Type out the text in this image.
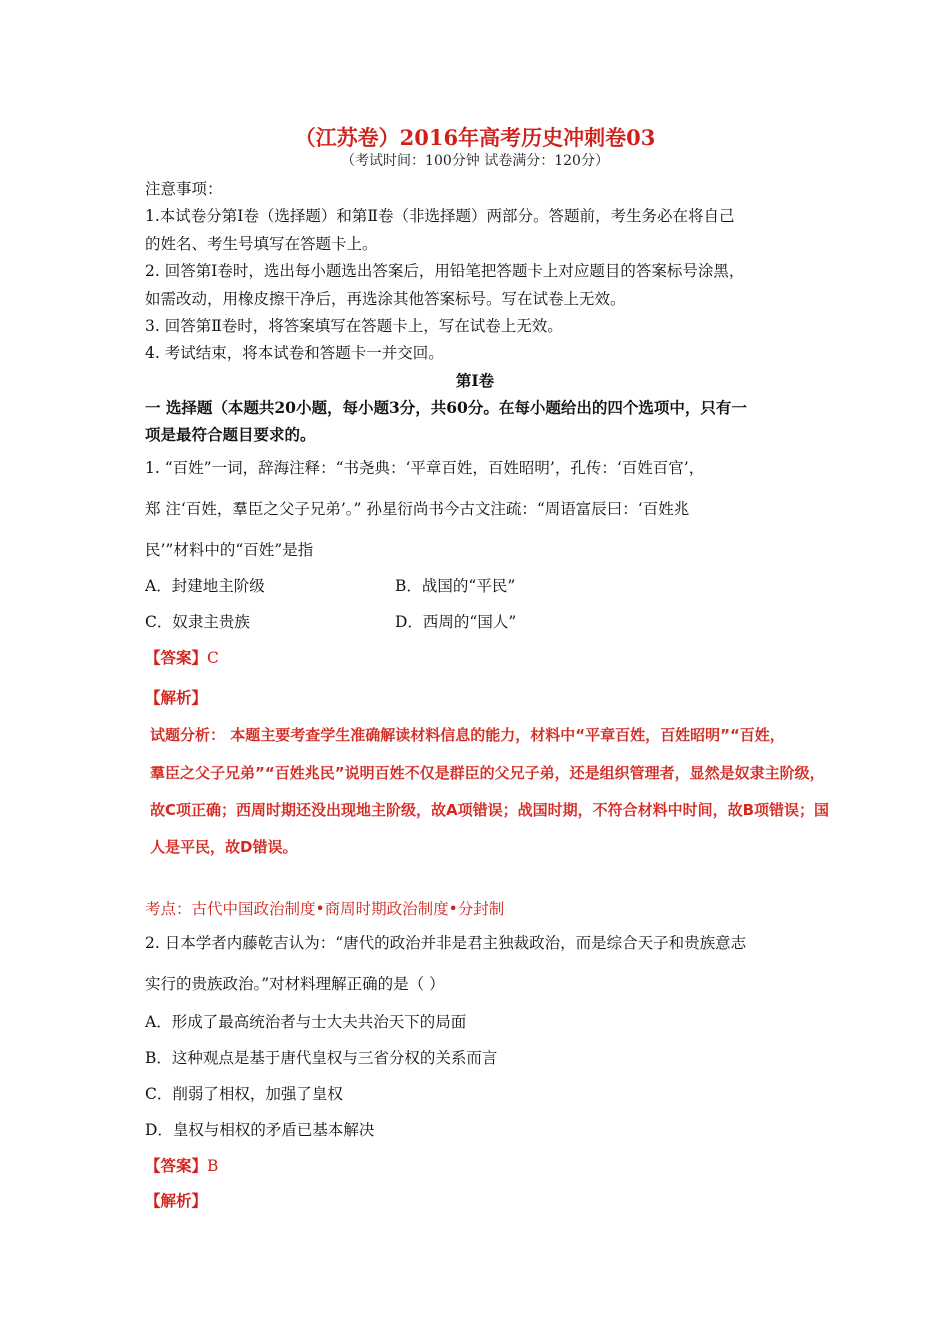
（江苏卷）2016年高考历史冲刺卷03
（考试时间：100分钟 试卷满分：120分）
注意事项：
1.本试卷分第Ⅰ卷（选择题）和第Ⅱ卷（非选择题）两部分。答题前，考生务必在将自己
的姓名、考生号填写在答题卡上。
2. 回答第Ⅰ卷时，选出每小题选出答案后，用铅笔把答题卡上对应题目的答案标号涂黑，
如需改动，用橡皮擦干净后，再选涂其他答案标号。写在试卷上无效。
3. 回答第Ⅱ卷时，将答案填写在答题卡上，写在试卷上无效。
4. 考试结束，将本试卷和答题卡一并交回。
第Ⅰ卷
一 选择题（本题共20小题，每小题3分，共60分。在每小题给出的四个选项中，只有一
项是最符合题目要求的。
1. “百姓”一词，辞海注释：“书尧典：‘平章百姓，百姓昭明’，孔传：‘百姓百官’，
郑 注‘百姓，羣臣之父子兄弟’。” 孙星衍尚书今古文注疏：“周语富辰曰：‘百姓兆
民’”材料中的“百姓”是指
A．封建地主阶级	B．战国的“平民”
C．奴隶主贵族	D．西周的“国人”
【答案】C
【解析】
试题分析： 本题主要考查学生准确解读材料信息的能力，材料中“平章百姓，百姓昭明”“百姓，
羣臣之父子兄弟”“百姓兆民”说明百姓不仅是群臣的父兄子弟，还是组织管理者，显然是奴隶主阶级，
故C项正确；西周时期还没出现地主阶级，故A项错误；战国时期，不符合材料中时间，故B项错误；国
人是平民，故D错误。
考点：古代中国政治制度•商周时期政治制度•分封制
2. 日本学者内藤乾吉认为：“唐代的政治并非是君主独裁政治，而是综合天子和贵族意志
实行的贵族政治。”对材料理解正确的是（ ）
A．形成了最高统治者与士大夫共治天下的局面
B．这种观点是基于唐代皇权与三省分权的关系而言
C．削弱了相权，加强了皇权
D．皇权与相权的矛盾已基本解决
【答案】B
【解析】
